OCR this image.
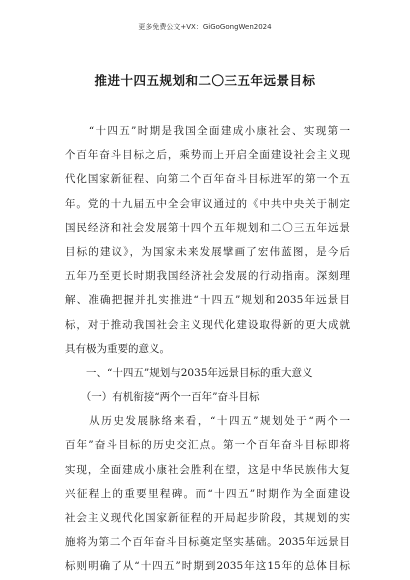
更多免费公文+VX：GiGoGongWen2024
推进十四五规划和二〇三五年远景目标
　　“十四五”时期是我国全面建成小康社会、实现第一
个百年奋斗目标之后，乘势而上开启全面建设社会主义现
代化国家新征程、向第二个百年奋斗目标进军的第一个五
年。党的十九届五中全会审议通过的《中共中央关于制定
国民经济和社会发展第十四个五年规划和二〇三五年远景
目标的建议》，为国家未来发展擘画了宏伟蓝图，是今后
五年乃至更长时期我国经济社会发展的行动指南。深刻理
解、准确把握并扎实推进“十四五”规划和2035年远景目
标，对于推动我国社会主义现代化建设取得新的更大成就
具有极为重要的意义。
　　一、“十四五”规划与2035年远景目标的重大意义
　　（一）有机衔接“两个一百年”奋斗目标
　　从历史发展脉络来看，“十四五”规划处于“两个一
百年”奋斗目标的历史交汇点。第一个百年奋斗目标即将
实现，全面建成小康社会胜利在望，这是中华民族伟大复
兴征程上的重要里程碑。而“十四五”时期作为全面建设
社会主义现代化国家新征程的开局起步阶段，其规划的实
施将为第二个百年奋斗目标奠定坚实基础。2035年远景目
标则明确了从“十四五”时期到2035年这15年的总体目标
